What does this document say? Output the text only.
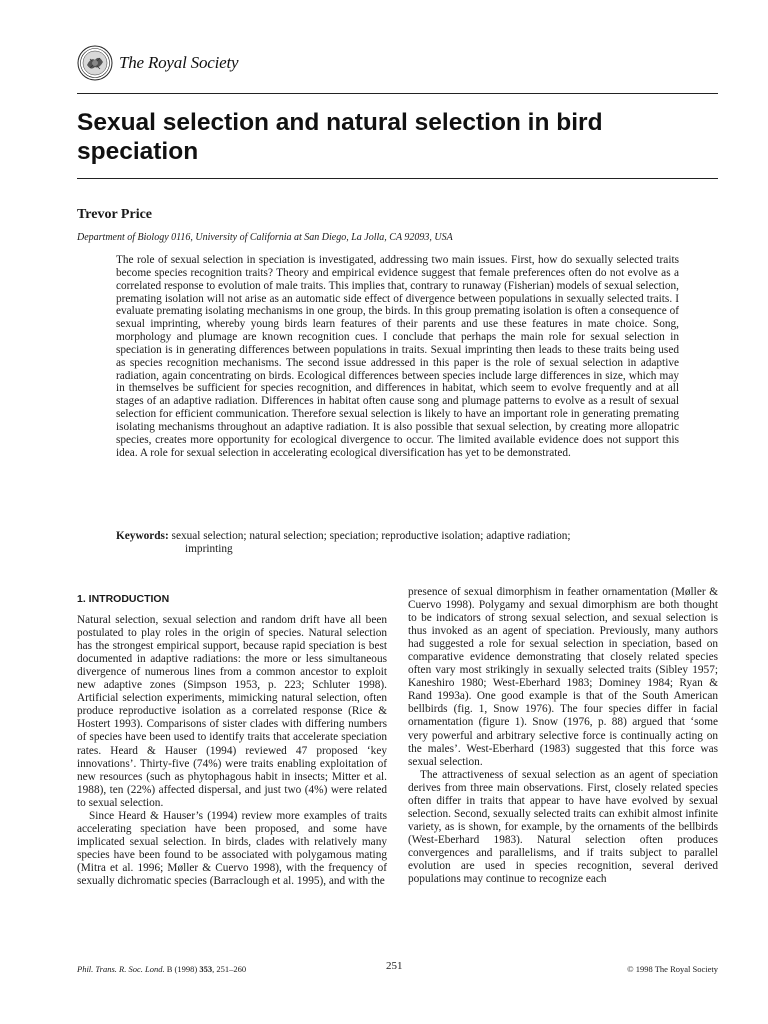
The Royal Society
Sexual selection and natural selection in bird speciation
Trevor Price
Department of Biology 0116, University of California at San Diego, La Jolla, CA 92093, USA

The role of sexual selection in speciation is investigated, addressing two main issues. First, how do sexually selected traits become species recognition traits? Theory and empirical evidence suggest that female preferences often do not evolve as a correlated response to evolution of male traits. This implies that, contrary to runaway (Fisherian) models of sexual selection, premating isolation will not arise as an automatic side effect of divergence between populations in sexually selected traits. I evaluate premating isolating mechanisms in one group, the birds. In this group premating isolation is often a consequence of sexual imprinting, whereby young birds learn features of their parents and use these features in mate choice. Song, morphology and plumage are known recognition cues. I conclude that perhaps the main role for sexual selection in speciation is in generating differences between populations in traits. Sexual imprinting then leads to these traits being used as species recognition mechanisms. The second issue addressed in this paper is the role of sexual selection in adaptive radiation, again concentrating on birds. Ecological differences between species include large differences in size, which may in themselves be sufficient for species recognition, and differences in habitat, which seem to evolve frequently and at all stages of an adaptive radiation. Differences in habitat often cause song and plumage patterns to evolve as a result of sexual selection for efficient communication. Therefore sexual selection is likely to have an important role in generating premating isolating mechanisms throughout an adaptive radiation. It is also possible that sexual selection, by creating more allopatric species, creates more opportunity for ecological divergence to occur. The limited available evidence does not support this idea. A role for sexual selection in accelerating ecological diversification has yet to be demonstrated.

Keywords: sexual selection; natural selection; speciation; reproductive isolation; adaptive radiation;
imprinting
1. INTRODUCTION

Natural selection, sexual selection and random drift have all been postulated to play roles in the origin of species. Natural selection has the strongest empirical support, because rapid speciation is best documented in adaptive radiations: the more or less simultaneous divergence of numerous lines from a common ancestor to exploit new adaptive zones (Simpson 1953, p. 223; Schluter 1998). Artificial selection experiments, mimicking natural selection, often produce reproductive isolation as a correlated response (Rice & Hostert 1993). Comparisons of sister clades with differing numbers of species have been used to identify traits that accelerate speciation rates. Heard & Hauser (1994) reviewed 47 proposed ‘key innovations’. Thirty-five (74%) were traits enabling exploitation of new resources (such as phytophagous habit in insects; Mitter et al. 1988), ten (22%) affected dispersal, and just two (4%) were related to sexual selection.

Since Heard & Hauser’s (1994) review more examples of traits accelerating speciation have been proposed, and some have implicated sexual selection. In birds, clades with relatively many species have been found to be associated with polygamous mating (Mitra et al. 1996; Møller & Cuervo 1998), with the frequency of sexually dichromatic species (Barraclough et al. 1995), and with the

presence of sexual dimorphism in feather ornamentation (Møller & Cuervo 1998). Polygamy and sexual dimorphism are both thought to be indicators of strong sexual selection, and sexual selection is thus invoked as an agent of speciation. Previously, many authors had suggested a role for sexual selection in speciation, based on comparative evidence demonstrating that closely related species often vary most strikingly in sexually selected traits (Sibley 1957; Kaneshiro 1980; West-Eberhard 1983; Dominey 1984; Ryan & Rand 1993a). One good example is that of the South American bellbirds (fig. 1, Snow 1976). The four species differ in facial ornamentation (figure 1). Snow (1976, p. 88) argued that ‘some very powerful and arbitrary selective force is continually acting on the males’. West-Eberhard (1983) suggested that this force was sexual selection.

The attractiveness of sexual selection as an agent of speciation derives from three main observations. First, closely related species often differ in traits that appear to have have evolved by sexual selection. Second, sexually selected traits can exhibit almost infinite variety, as is shown, for example, by the ornaments of the bellbirds (West-Eberhard 1983). Natural selection often produces convergences and parallelisms, and if traits subject to parallel evolution are used in species recognition, several derived populations may continue to recognize each

Phil. Trans. R. Soc. Lond. B (1998) 353, 251–260	251	© 1998 The Royal Society
